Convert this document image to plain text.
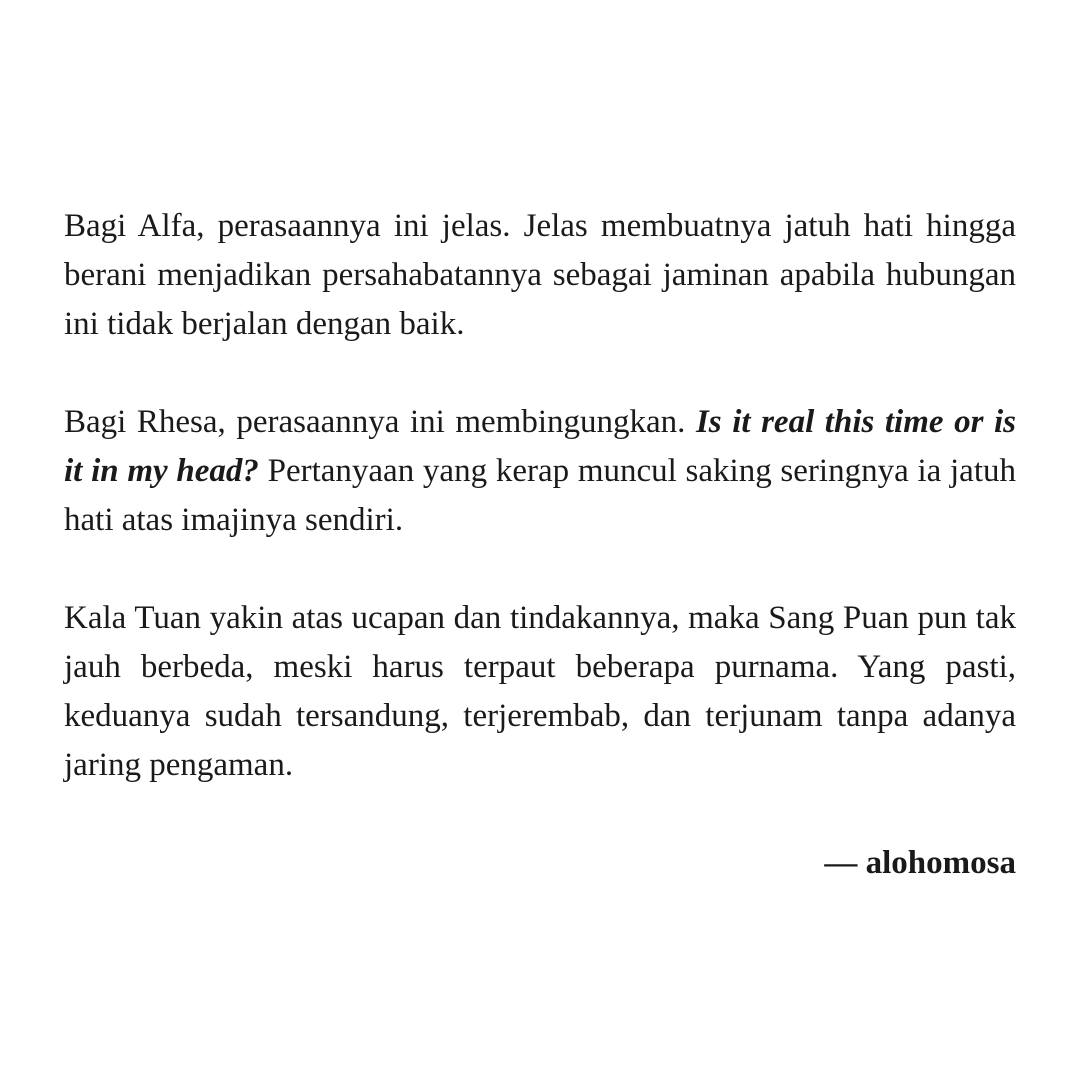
Bagi Alfa, perasaannya ini jelas. Jelas membuatnya jatuh hati hingga berani menjadikan persahabatannya sebagai jaminan apabila hubungan ini tidak berjalan dengan baik.

Bagi Rhesa, perasaannya ini membingungkan. Is it real this time or is it in my head? Pertanyaan yang kerap muncul saking seringnya ia jatuh hati atas imajinya sendiri.

Kala Tuan yakin atas ucapan dan tindakannya, maka Sang Puan pun tak jauh berbeda, meski harus terpaut beberapa purnama. Yang pasti, keduanya sudah tersandung, terjerembab, dan terjunam tanpa adanya jaring pengaman.

— alohomosa
